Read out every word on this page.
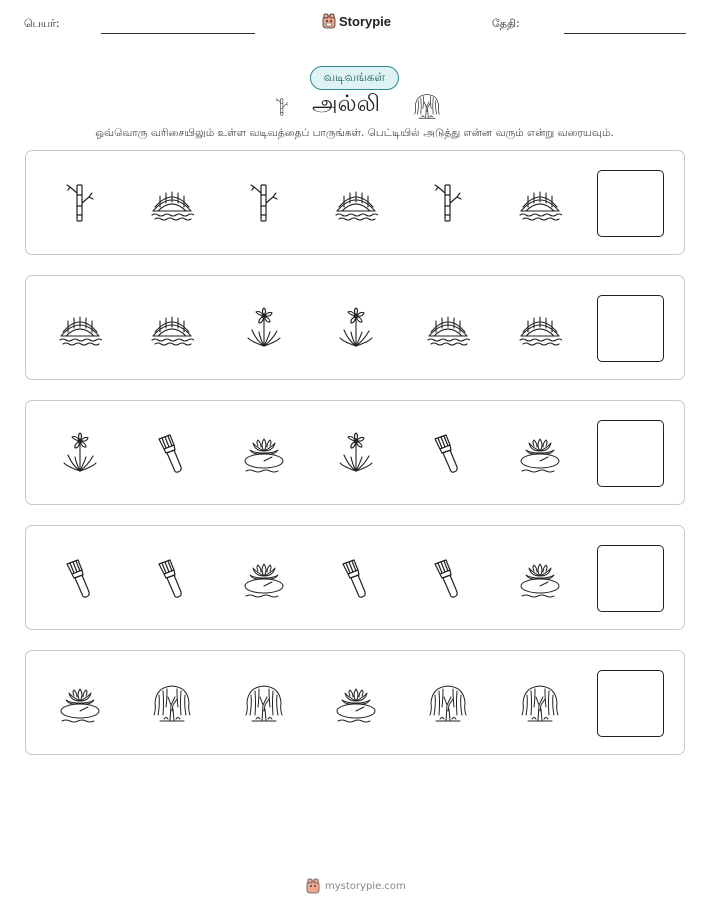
பெயர்:	Storypie	தேதி:
வடிவங்கள்
அல்லி
ஒவ்வொரு வரிசையிலும் உள்ள வடிவத்தைப் பாருங்கள். பெட்டியில் அடுத்து என்ன வரும் என்று வரையவும்.
mystorypie.com
